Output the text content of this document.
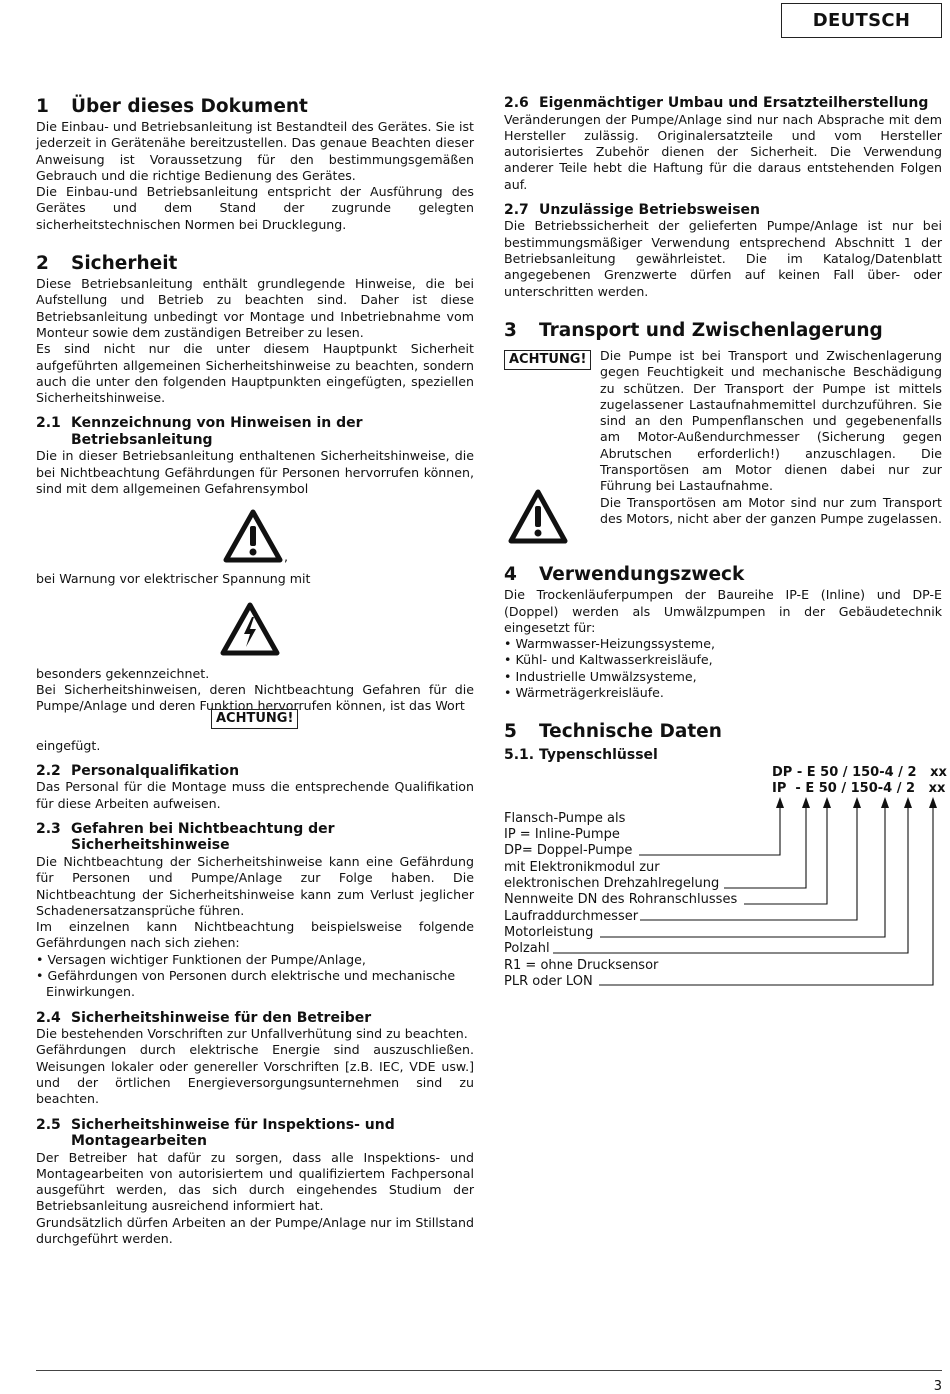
DEUTSCH
1	Über dieses Dokument

Die Einbau- und Betriebsanleitung ist Bestandteil des Gerätes. Sie ist jederzeit in Gerätenähe bereitzustellen. Das genaue Beachten dieser Anweisung ist Voraussetzung für den bestimmungsgemäßen Gebrauch und die richtige Bedienung des Gerätes.

Die Einbau-und Betriebsanleitung entspricht der Ausführung des Gerätes und dem Stand der zugrunde gelegten sicherheitstechnischen Normen bei Drucklegung.

2	Sicherheit

Diese Betriebsanleitung enthält grundlegende Hinweise, die bei Aufstellung und Betrieb zu beachten sind. Daher ist diese Betriebsanleitung unbedingt vor Montage und Inbetriebnahme vom Monteur sowie dem zuständigen Betreiber zu lesen.

Es sind nicht nur die unter diesem Hauptpunkt Sicherheit aufgeführten allgemeinen Sicherheitshinweise zu beachten, sondern auch die unter den folgenden Hauptpunkten eingefügten, speziellen Sicherheitshinweise.

2.1 Kennzeichnung von Hinweisen in der Betriebsanleitung

Die in dieser Betriebsanleitung enthaltenen Sicherheitshinweise, die bei Nichtbeachtung Gefährdungen für Personen hervorrufen können, sind mit dem allgemeinen Gefahrensymbol

,

bei Warnung vor elektrischer Spannung mit

besonders gekennzeichnet.

Bei Sicherheitshinweisen, deren Nichtbeachtung Gefahren für die Pumpe/Anlage und deren Funktion hervorrufen können, ist das Wort

ACHTUNG!

eingefügt.

2.2 Personalqualifikation

Das Personal für die Montage muss die entsprechende Qualifikation für diese Arbeiten aufweisen.

2.3 Gefahren bei Nichtbeachtung der Sicherheitshinweise

Die Nichtbeachtung der Sicherheitshinweise kann eine Gefährdung für Personen und Pumpe/Anlage zur Folge haben. Die Nichtbeachtung der Sicherheitshinweise kann zum Verlust jeglicher Schadenersatzansprüche führen.

Im einzelnen kann Nichtbeachtung beispielsweise folgende Gefährdungen nach sich ziehen:

• Versagen wichtiger Funktionen der Pumpe/Anlage,
• Gefährdungen von Personen durch elektrische und mechanische Einwirkungen.
2.4 Sicherheitshinweise für den Betreiber

Die bestehenden Vorschriften zur Unfallverhütung sind zu beachten.

Gefährdungen durch elektrische Energie sind auszuschließen. Weisungen lokaler oder genereller Vorschriften [z.B. IEC, VDE usw.] und der örtlichen Energieversorgungsunternehmen sind zu beachten.

2.5 Sicherheitshinweise für Inspektions- und Montagearbeiten

Der Betreiber hat dafür zu sorgen, dass alle Inspektions- und Montagearbeiten von autorisiertem und qualifiziertem Fachpersonal ausgeführt werden, das sich durch eingehendes Studium der Betriebsanleitung ausreichend informiert hat.

Grundsätzlich dürfen Arbeiten an der Pumpe/Anlage nur im Stillstand durchgeführt werden.

2.6 Eigenmächtiger Umbau und Ersatzteilherstellung

Veränderungen der Pumpe/Anlage sind nur nach Absprache mit dem Hersteller zulässig. Originalersatzteile und vom Hersteller autorisiertes Zubehör dienen der Sicherheit. Die Verwendung anderer Teile hebt die Haftung für die daraus entstehenden Folgen auf.

2.7 Unzulässige Betriebsweisen

Die Betriebssicherheit der gelieferten Pumpe/Anlage ist nur bei bestimmungsmäßiger Verwendung entsprechend Abschnitt 1 der Betriebsanleitung gewährleistet. Die im Katalog/Datenblatt angegebenen Grenzwerte dürfen auf keinen Fall über- oder unterschritten werden.

3	Transport und Zwischenlagerung
ACHTUNG!	Die Pumpe ist bei Transport und Zwischenlagerung gegen Feuchtigkeit und mechanische Beschädigung zu schützen. Der Transport der Pumpe ist mittels zugelassener Lastaufnahmemittel durchzuführen. Sie sind an den Pumpenflanschen und gegebenenfalls am Motor-Außendurchmesser (Sicherung gegen Abrutschen erforderlich!) anzuschlagen. Die Transportösen am Motor dienen dabei nur zur Führung bei Lastaufnahme.

Die Transportösen am Motor sind nur zum Transport des Motors, nicht aber der ganzen Pumpe zugelassen.

4	Verwendungszweck

Die Trockenläuferpumpen der Baureihe IP-E (Inline) und DP-E (Doppel) werden als Umwälzpumpen in der Gebäudetechnik eingesetzt für:

• Warmwasser-Heizungssysteme,
• Kühl- und Kaltwasserkreisläufe,
• Industrielle Umwälzsysteme,
• Wärmeträgerkreisläufe.
5	Technische Daten
5.1. Typenschlüssel
DP - E 50 / 150-4 / 2   xx
IP  - E 50 / 150-4 / 2   xx
Flansch-Pumpe als
IP = Inline-Pumpe
DP= Doppel-Pumpe
mit Elektronikmodul zur
elektronischen Drehzahlregelung
Nennweite DN des Rohranschlusses
Laufraddurchmesser
Motorleistung
Polzahl
R1 = ohne Drucksensor
PLR oder LON
3
